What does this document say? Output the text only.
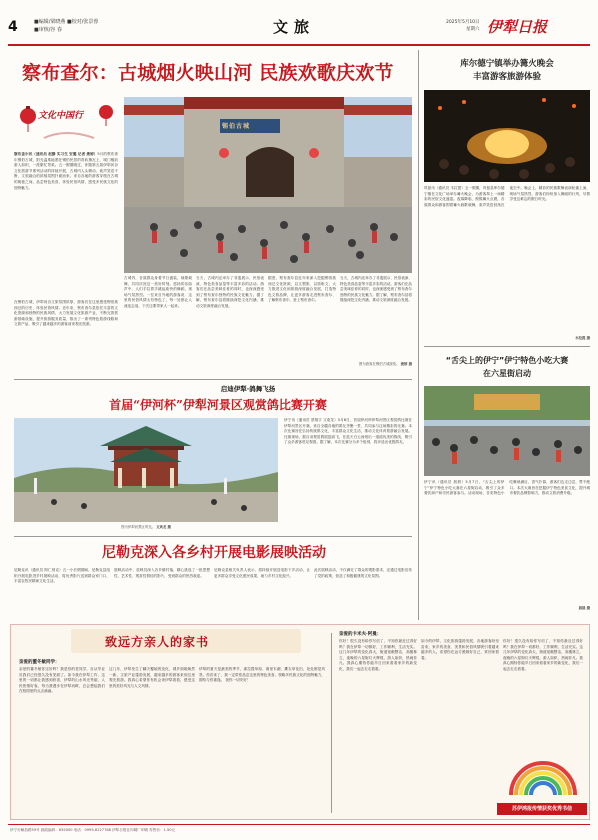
4	■编辑/梁晓燕 ■校对/张景蓉
■审核/谷 春	文旅	2025年5月10日
星期六 伊犁日报
察布查尔：古城烟火映山河 民族欢歌庆欢节
文化中国行
锡伯古城
察布查尔讯（通讯员 赵静 实习生 安璐 记者 龚婷）5月的察布查尔锡伯古城，阳光温柔地洒在锡伯民居的青砖黛瓦上，城门楼前游人如织，一派繁忙景象。五一假期刚过，伴随第五届伊犁河谷文化旅游节系列活动的持续开展，古城内人头攒动，欢声笑语不断，文旅融合的浓郁氛围扑面而来。来自各地的游客穿梭在古城的街巷之间，品尝特色美食，体验民俗风情，感受多民族文化的独特魅力。
在锡伯古城，伊犁河谷文旅氛围浓厚，游客们在这里感受锡伯族西迁的历史，体验民俗风情。近年来，察布查尔县依托丰富的文化资源和独特的民族风情，大力发展文化旅游产业，不断完善旅游基础设施，提升旅游服务质量，推出了一系列特色旅游线路和文旅产品，吸引了越来越多的游客前来观光旅游。
古城内，各族群众身着节日盛装，载歌载舞，共同庆祝这一美好时刻。悠扬的乐曲声中，人们手拉着手跳起欢快的舞蹈，现场气氛热烈。一位来自外地的游客说：这里的民俗风情太有特色了，每一处都让人流连忘返，下次还要带家人一起来。
当天，古城内还举办了非遗展示、民俗表演、特色美食品鉴等丰富多彩的活动。游客们在品尝美味佳肴的同时，也深深感受到了察布查尔独特的民族文化魅力。据了解，察布查尔县将继续深挖文化内涵，推动文旅深度融合发展。
据悉，察布查尔县近年来深入挖掘锡伯族西迁文化资源，以文塑旅、以旅彰文，大力推进文化和旅游深度融合发展，打造特色文旅品牌，让更多游客走进察布查尔、了解察布查尔、爱上察布查尔。
当天，古城内还举办了非遗展示、民俗表演、特色美食品鉴等丰富多彩的活动。游客们在品尝美味佳肴的同时，也深深感受到了察布查尔独特的民族文化魅力。据了解，察布查尔县将继续深挖文化内涵，推动文旅深度融合发展。
图为游客在锡伯古城游览。 龚婷 摄
启迪伊犁·鸽舞飞扬
首届“伊河杯”伊犁河景区观赏鸽比赛开赛
伊宁讯（通讯员 蔡翔宇 文欢龙）5月8日，首届伊河杯伊犁河景区观赏鸽比赛在伊犁河景区开赛。来自全疆各地的鸽友齐聚一堂，共同参与这场精彩的比赛。本次比赛旨在弘扬传统鸽文化，丰富群众文化生活，推动文化体育旅游融合发展。比赛现场，数百羽观赏鸽展翅高飞，在蓝天白云间划出一道道优美的弧线，吸引了众多游客驻足观看。据了解，本次比赛分为多个组别，将评选出优胜鸽友。
图为伊犁河景区风光。 文欢龙 摄
尼勒克深入各乡村开展电影展映活动
尼勒克讯（通讯员 阿仁别克）五一小长假期间，尼勒克县组织开展电影进乡村展映活动，将优秀影片送到群众家门口，丰富农牧民精神文化生活。
展映活动中，放映员深入各乡镇村落，精心挑选了一批思想性、艺术性、观赏性俱佳的影片，受到群众的热烈欢迎。
尼勒克县相关负责人表示，将持续开展送电影下乡活动，让更多群众享受文化惠民成果，助力乡村文化振兴。
此次展映活动，不仅满足了群众的观影需求，还通过电影宣传了党的政策，营造了积极健康的文化氛围。
库尔德宁镇举办篝火晚会
丰富游客旅游体验
巩留讯（通讯员 木拉提）五一假期，巩留县库尔德宁镇在文化广场举办篝火晚会，为游客奉上一场精彩的民俗文化盛宴。夜幕降临，熊熊篝火点燃，各族群众和游客围着篝火载歌载舞，欢声笑语回荡在夜空中。晚会上，精彩的民族歌舞表演轮番上演，现场气氛热烈，游客们纷纷加入舞蹈的行列，尽情享受这难忘的假日时光。
木拉提 摄
“舌尖上的伊宁”伊宁特色小吃大赛
在六星街启动
伊宁讯（通讯员 晨晨）5月7日，“舌尖上的伊宁”伊宁特色小吃大赛在六星街启动，吸引了众多餐饮商户和市民游客参与。活动现场，各类特色小吃琳琅满目，香气扑鼻，游客们边走边尝，赞不绝口。本次大赛旨在挖掘伊宁特色美食文化，提升城市餐饮品牌影响力，推动文旅消费升级。
晨晨 摄
致远方亲人的家书
亲爱的董冬敏同学：
亲爱的董冬敏你还好吗？我是你的老同学，自从毕业后我们已经很久没有见面了。如今我在伊犁工作，这里的一切都让我感到欣喜，伊犁的山水风光秀丽，人民热情好客，每当我漫步在伊犁河畔，总会想起我们在校园里的点点滴滴。
这几年，伊犁发生了翻天覆地的变化，城乡面貌焕然一新，文旅产业蓬勃发展，越来越多的游客来到这里观光旅游。我真心希望你有机会来伊犁看看，感受这里的美好风光与人文风情。
伊犁的夏天是最美的季节，那拉提草原、赛里木湖、薰衣草花田，处处都是风景。你若来了，我一定带你品尝这里的特色美食，领略多民族文化的独特魅力，期待与你重逢。 祝你一切安好！
亲爱的卡米夫·阿曼：
你好！很久没有给你写信了，不知你最近过得好吗？我在伊犁一切都好，工作顺利，生活充实。这几年伊犁的变化真大，街道宽敞整洁，高楼林立，夜晚的六星街灯火辉煌，游人如织，热闹非凡。我真心期待你能早日回来看看家乡的新变化，我们一起去走走看看。
如今的伊犁，文化旅游蓬勃发展，各地游客纷至沓来，家乡的美食、美景和民俗风情吸引着越来越多的人。希望你在远方照顾好自己，常回家看看。
你好！很久没有给你写信了，不知你最近过得好吗？我在伊犁一切都好，工作顺利，生活充实。这几年伊犁的变化真大，街道宽敞整洁，高楼林立，夜晚的六星街灯火辉煌，游人如织，热闹非凡。我真心期待你能早日回来看看家乡的新变化，我们一起去走走看看。
苏伊鸿报传情获奖优秀书信
伊宁市解放路59号 邮政编码：835000 电话：0999-8227788 伊犁日报社印刷厂印刷 零售价：1.50元
